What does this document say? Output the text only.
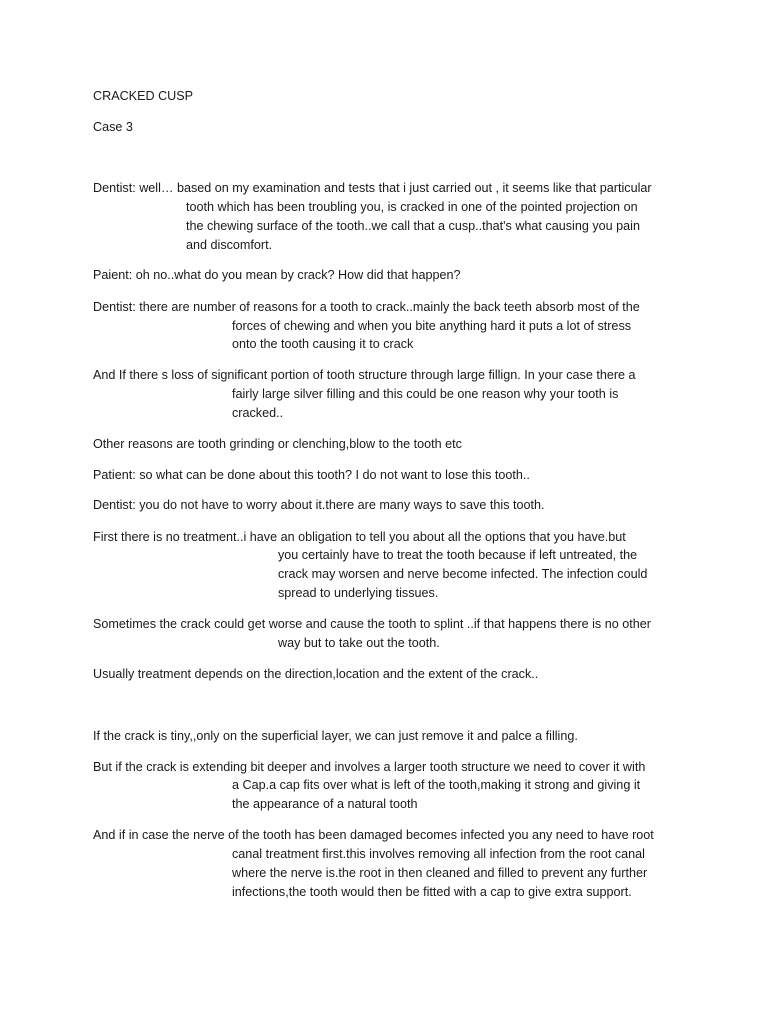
CRACKED CUSP
Case 3
Dentist: well… based on my examination and tests that i just carried out , it seems like that particular
tooth which has been troubling you, is cracked in one of the pointed projection on
the chewing surface of the tooth..we call that a cusp..that's what causing you pain
and discomfort.
Paient: oh no..what do you mean by crack? How did that happen?
Dentist: there are number of reasons for a tooth to crack..mainly the back teeth absorb most of the
forces of chewing and when you bite anything hard it puts a lot of stress
onto the tooth causing it to crack
And If there s loss of significant portion of tooth structure through large fillign. In your case there a
fairly large silver filling and this could be one reason why your tooth is
cracked..
Other reasons are tooth grinding or clenching,blow to the tooth etc
Patient: so what can be done about this tooth? I do not want to lose this tooth..
Dentist: you do not have to worry about it.there are many ways to save this tooth.
First there is no treatment..i have an obligation to tell you about all the options that you have.but
you certainly have to treat the tooth because if left untreated, the
crack may worsen and nerve become infected. The infection could
spread to underlying tissues.
Sometimes the crack could get worse and cause the tooth to splint ..if that happens there is no other
way but to take out the tooth.
Usually treatment depends on the direction,location and the extent of the crack..
If the crack is tiny,,only on the superficial layer, we can just remove it and palce a filling.
But if the crack is extending bit deeper and involves a larger tooth structure we need to cover it with
a Cap.a cap fits over what is left of the tooth,making it strong and giving it
the appearance of a natural tooth
And if in case the nerve of the tooth has been damaged becomes infected you any need to have root
canal treatment first.this involves removing all infection from the root canal
where the nerve is.the root in then cleaned and filled to prevent any further
infections,the tooth would then be fitted with a cap to give extra support.
